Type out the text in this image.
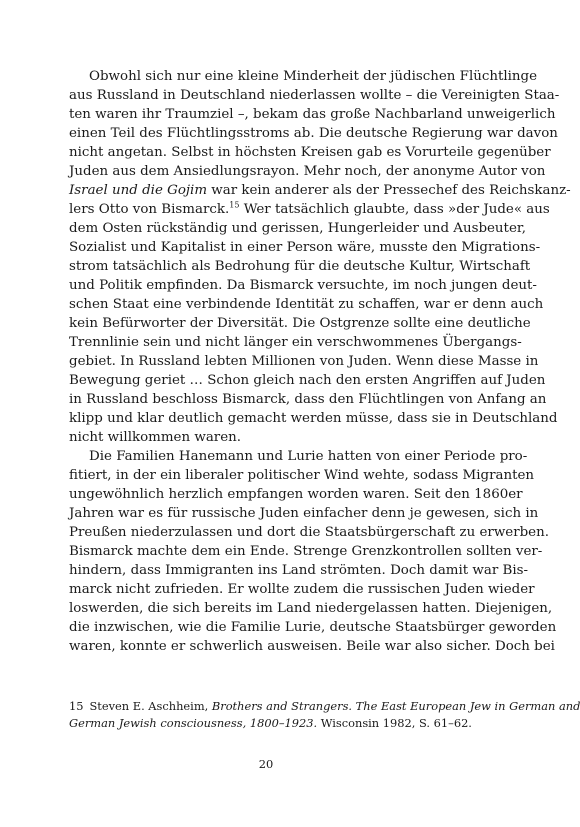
Obwohl sich nur eine kleine Minderheit der jüdischen Flüchtlinge
aus Russland in Deutschland niederlassen wollte – die Vereinigten Staa-
ten waren ihr Traumziel –, bekam das große Nachbarland unweigerlich
einen Teil des Flüchtlingsstroms ab. Die deutsche Regierung war davon
nicht angetan. Selbst in höchsten Kreisen gab es Vorurteile gegenüber
Juden aus dem Ansiedlungsrayon. Mehr noch, der anonyme Autor von
Israel und die Gojim war kein anderer als der Pressechef des Reichskanz-
lers Otto von Bismarck.$^{15}$ Wer tatsächlich glaubte, dass »der Jude« aus
dem Osten rückständig und gerissen, Hungerleider und Ausbeuter,
Sozialist und Kapitalist in einer Person wäre, musste den Migrations-
strom tatsächlich als Bedrohung für die deutsche Kultur, Wirtschaft
und Politik empfinden. Da Bismarck versuchte, im noch jungen deut-
schen Staat eine verbindende Identität zu schaffen, war er denn auch
kein Befürworter der Diversität. Die Ostgrenze sollte eine deutliche
Trennlinie sein und nicht länger ein verschwommenes Übergangs-
gebiet. In Russland lebten Millionen von Juden. Wenn diese Masse in
Bewegung geriet … Schon gleich nach den ersten Angriffen auf Juden
in Russland beschloss Bismarck, dass den Flüchtlingen von Anfang an
klipp und klar deutlich gemacht werden müsse, dass sie in Deutschland
nicht willkommen waren.
Die Familien Hanemann und Lurie hatten von einer Periode pro-
fitiert, in der ein liberaler politischer Wind wehte, sodass Migranten
ungewöhnlich herzlich empfangen worden waren. Seit den 1860er
Jahren war es für russische Juden einfacher denn je gewesen, sich in
Preußen niederzulassen und dort die Staatsbürgerschaft zu erwerben.
Bismarck machte dem ein Ende. Strenge Grenzkontrollen sollten ver-
hindern, dass Immigranten ins Land strömten. Doch damit war Bis-
marck nicht zufrieden. Er wollte zudem die russischen Juden wieder
loswerden, die sich bereits im Land niedergelassen hatten. Diejenigen,
die inzwischen, wie die Familie Lurie, deutsche Staatsbürger geworden
waren, konnte er schwerlich ausweisen. Beile war also sicher. Doch bei
15 Steven E. Aschheim, Brothers and Strangers. The East European Jew in German and
German Jewish consciousness, 1800–1923. Wisconsin 1982, S. 61–62.
20
